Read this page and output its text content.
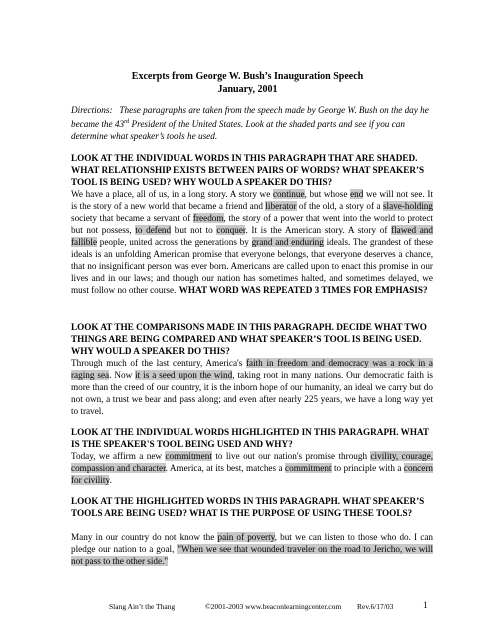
Excerpts from George W. Bush’s Inauguration Speech
January, 2001
Directions: These paragraphs are taken from the speech made by George W. Bush on the day he became the 43rd President of the United States. Look at the shaded parts and see if you can determine what speaker’s tools he used.
LOOK AT THE INDIVIDUAL WORDS IN THIS PARAGRAPH THAT ARE SHADED. WHAT RELATIONSHIP EXISTS BETWEEN PAIRS OF WORDS? WHAT SPEAKER’S TOOL IS BEING USED? WHY WOULD A SPEAKER DO THIS?
We have a place, all of us, in a long story. A story we continue, but whose end we will not see. It is the story of a new world that became a friend and liberator of the old, a story of a slave-holding society that became a servant of freedom, the story of a power that went into the world to protect but not possess, to defend but not to conquer. It is the American story. A story of flawed and fallible people, united across the generations by grand and enduring ideals. The grandest of these ideals is an unfolding American promise that everyone belongs, that everyone deserves a chance, that no insignificant person was ever born. Americans are called upon to enact this promise in our lives and in our laws; and though our nation has sometimes halted, and sometimes delayed, we must follow no other course. WHAT WORD WAS REPEATED 3 TIMES FOR EMPHASIS?
LOOK AT THE COMPARISONS MADE IN THIS PARAGRAPH. DECIDE WHAT TWO THINGS ARE BEING COMPARED AND WHAT SPEAKER’S TOOL IS BEING USED. WHY WOULD A SPEAKER DO THIS?
Through much of the last century, America's faith in freedom and democracy was a rock in a raging sea. Now it is a seed upon the wind, taking root in many nations. Our democratic faith is more than the creed of our country, it is the inborn hope of our humanity, an ideal we carry but do not own, a trust we bear and pass along; and even after nearly 225 years, we have a long way yet to travel.
LOOK AT THE INDIVIDUAL WORDS HIGHLIGHTED IN THIS PARAGRAPH. WHAT IS THE SPEAKER'S TOOL BEING USED AND WHY?
Today, we affirm a new commitment to live out our nation's promise through civility, courage, compassion and character. America, at its best, matches a commitment to principle with a concern for civility.
LOOK AT THE HIGHLIGHTED WORDS IN THIS PARAGRAPH. WHAT SPEAKER’S TOOLS ARE BEING USED? WHAT IS THE PURPOSE OF USING THESE TOOLS?
Many in our country do not know the pain of poverty, but we can listen to those who do. I can pledge our nation to a goal, "When we see that wounded traveler on the road to Jericho, we will not pass to the other side."
Slang Ain’t the Thang	©2001-2003 www.beaconlearningcenter.com Rev.6/17/03	1
